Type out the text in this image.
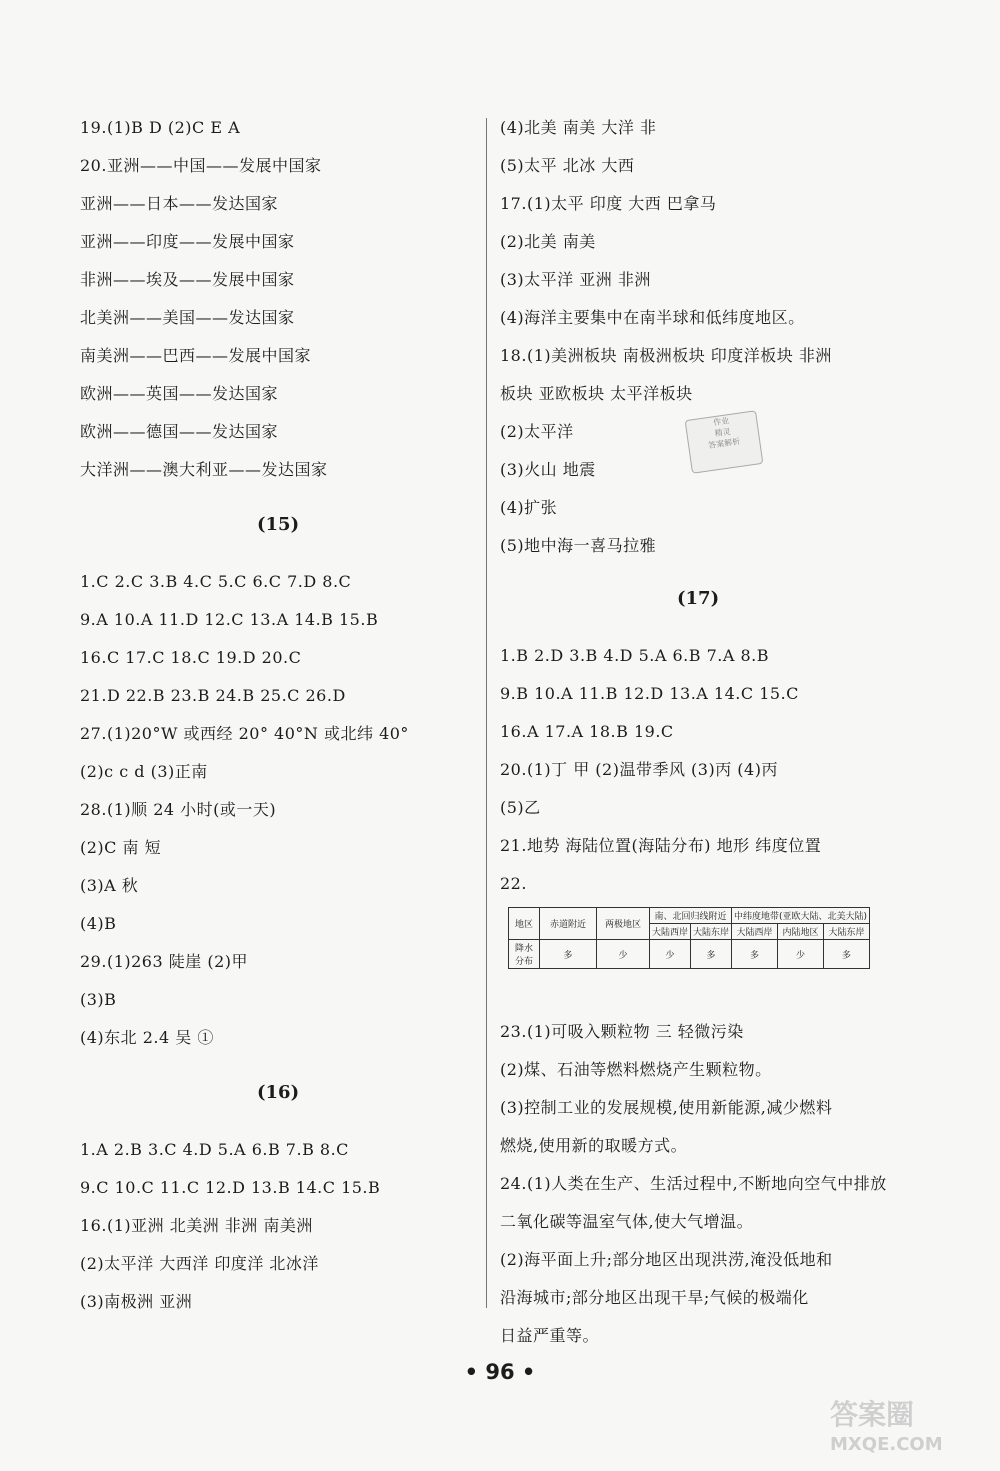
19.(1)B D (2)C E A
20.亚洲——中国——发展中国家
亚洲——日本——发达国家
亚洲——印度——发展中国家
非洲——埃及——发展中国家
北美洲——美国——发达国家
南美洲——巴西——发展中国家
欧洲——英国——发达国家
欧洲——德国——发达国家
大洋洲——澳大利亚——发达国家
(15)
1.C 2.C 3.B 4.C 5.C 6.C 7.D 8.C
9.A 10.A 11.D 12.C 13.A 14.B 15.B
16.C 17.C 18.C 19.D 20.C
21.D 22.B 23.B 24.B 25.C 26.D
27.(1)20°W 或西经 20° 40°N 或北纬 40°
(2)c c d (3)正南
28.(1)顺 24 小时(或一天)
(2)C 南 短
(3)A 秋
(4)B
29.(1)263 陡崖 (2)甲
(3)B
(4)东北 2.4 吴 ①
(16)
1.A 2.B 3.C 4.D 5.A 6.B 7.B 8.C
9.C 10.C 11.C 12.D 13.B 14.C 15.B
16.(1)亚洲 北美洲 非洲 南美洲
(2)太平洋 大西洋 印度洋 北冰洋
(3)南极洲 亚洲
(4)北美 南美 大洋 非
(5)太平 北冰 大西
17.(1)太平 印度 大西 巴拿马
(2)北美 南美
(3)太平洋 亚洲 非洲
(4)海洋主要集中在南半球和低纬度地区。
18.(1)美洲板块 南极洲板块 印度洋板块 非洲
板块 亚欧板块 太平洋板块
(2)太平洋
(3)火山 地震
(4)扩张
(5)地中海一喜马拉雅
(17)
1.B 2.D 3.B 4.D 5.A 6.B 7.A 8.B
9.B 10.A 11.B 12.D 13.A 14.C 15.C
16.A 17.A 18.B 19.C
20.(1)丁 甲 (2)温带季风 (3)丙 (4)丙
(5)乙
21.地势 海陆位置(海陆分布) 地形 纬度位置
22.
23.(1)可吸入颗粒物 三 轻微污染
(2)煤、石油等燃料燃烧产生颗粒物。
(3)控制工业的发展规模,使用新能源,减少燃料
燃烧,使用新的取暖方式。
24.(1)人类在生产、生活过程中,不断地向空气中排放
二氧化碳等温室气体,使大气增温。
(2)海平面上升;部分地区出现洪涝,淹没低地和
沿海城市;部分地区出现干旱;气候的极端化
日益严重等。
地区	赤道附近	两极地区	南、北回归线附近		中纬度地带(亚欧大陆、北美大陆)		
			大陆西岸	大陆东岸	大陆西岸	内陆地区	大陆东岸
降水分布	多	少	少	多	多	少	多
作业
精灵
答案解析
• 96 •
答案圈
MXQE.COM
